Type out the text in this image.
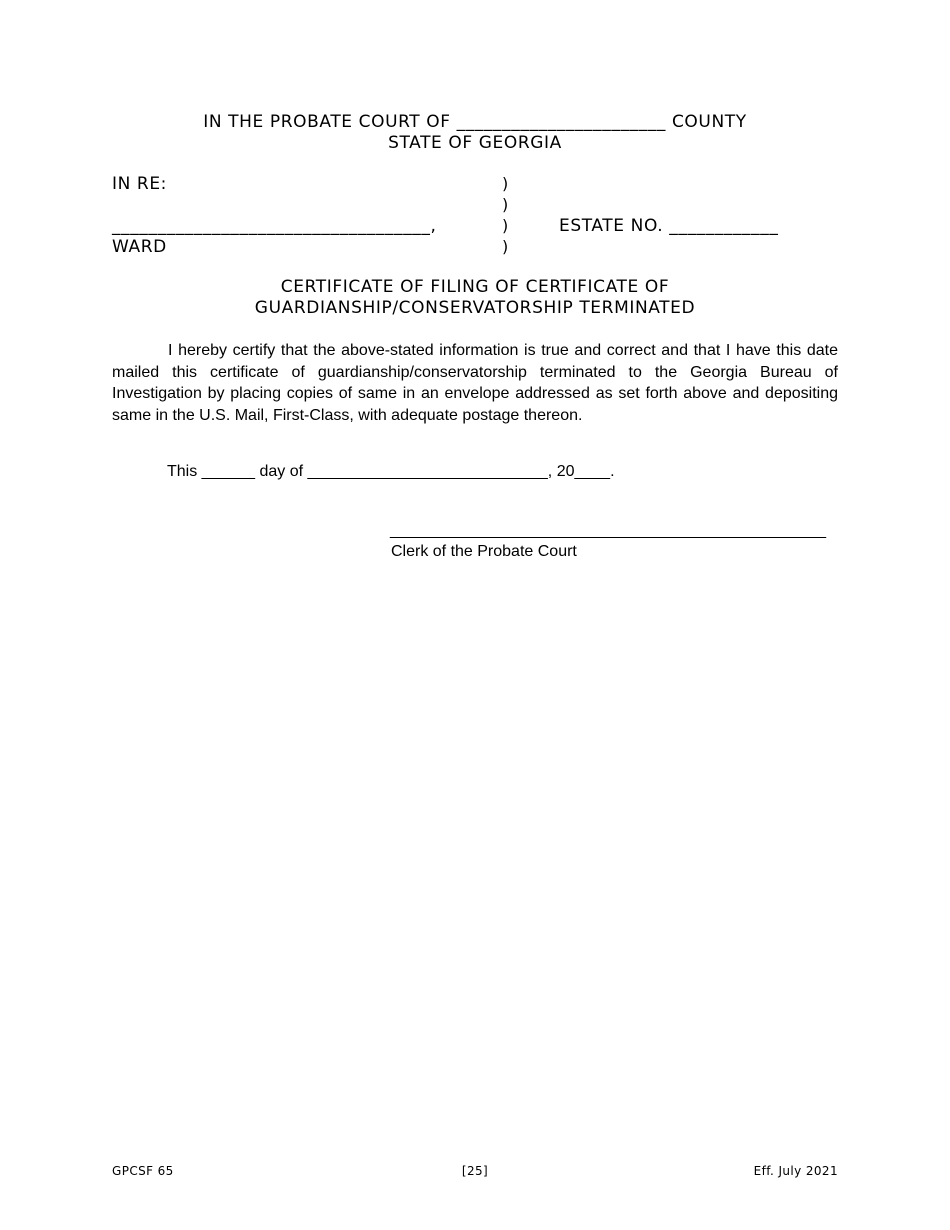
IN THE PROBATE COURT OF _______________________ COUNTY
STATE OF GEORGIA
IN RE:
___________________________________,
WARD
)
)
)
)
ESTATE NO. ____________
CERTIFICATE OF FILING OF CERTIFICATE OF
GUARDIANSHIP/CONSERVATORSHIP TERMINATED
I hereby certify that the above-stated information is true and correct and that I have this date mailed this certificate of guardianship/conservatorship terminated to the Georgia Bureau of Investigation by placing copies of same in an envelope addressed as set forth above and depositing same in the U.S. Mail, First-Class, with adequate postage thereon.
This ______ day of ___________________________, 20____.
_________________________________________________
Clerk of the Probate Court
GPCSF 65	[25]	Eff. July 2021
